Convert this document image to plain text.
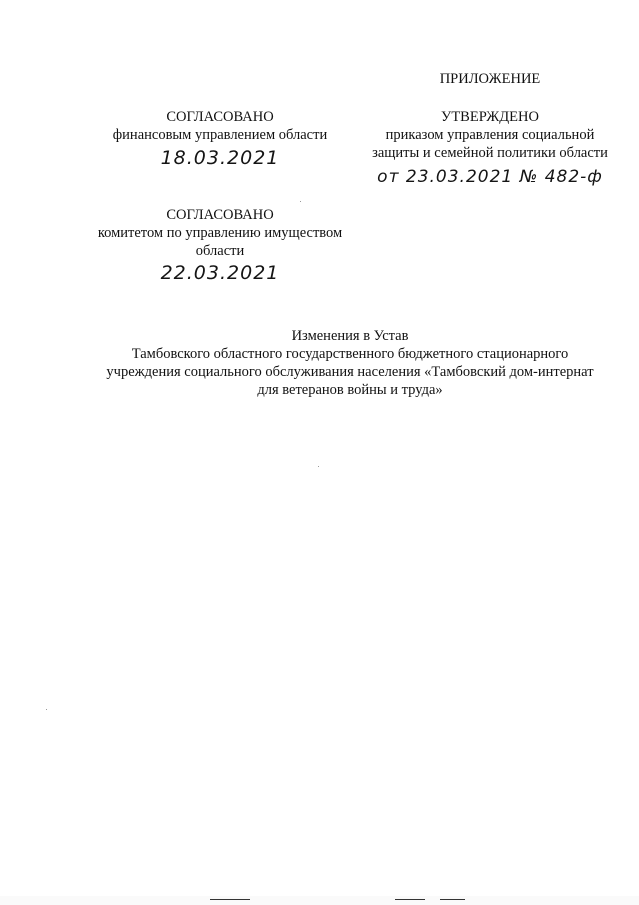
ПРИЛОЖЕНИЕ
СОГЛАСОВАНО
финансовым управлением области
18.03.2021
УТВЕРЖДЕНО
приказом управления социальной
защиты и семейной политики области
от 23.03.2021 № 482-ф
СОГЛАСОВАНО
комитетом по управлению имуществом
области
22.03.2021
Изменения в Устав
Тамбовского областного государственного бюджетного стационарного
учреждения социального обслуживания населения «Тамбовский дом-интернат
для ветеранов войны и труда»
